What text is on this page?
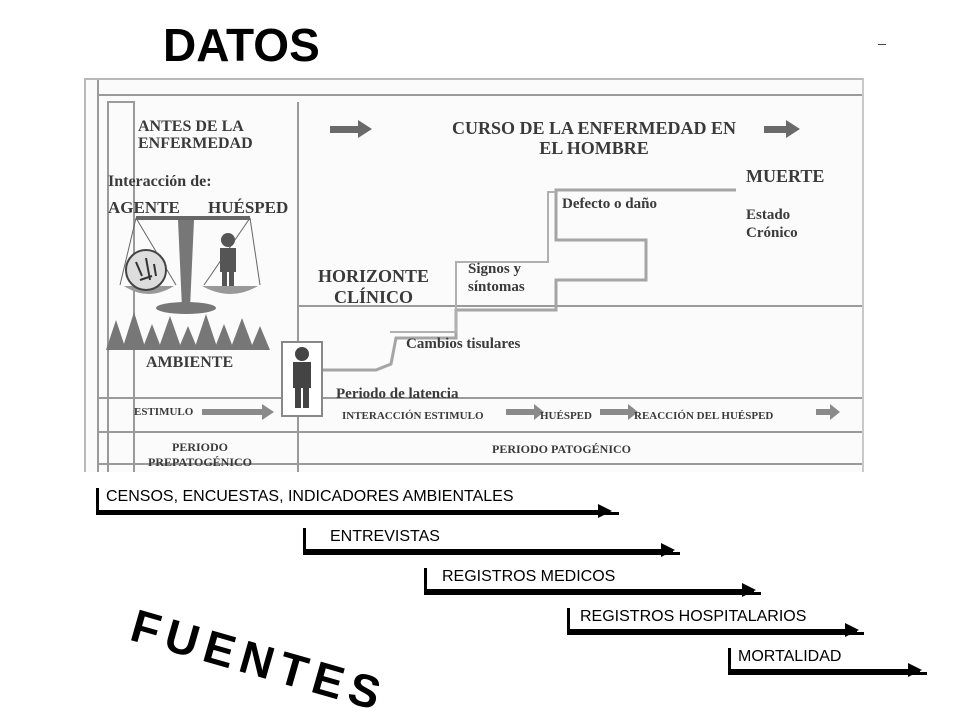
DATOS
ANTES DE LA
ENFERMEDAD
CURSO DE LA ENFERMEDAD EN
EL HOMBRE
Interacción de:
AGENTE HUÉSPED
MUERTE
Estado
Crónico
Defecto o daño
Signos y
síntomas
HORIZONTE
CLÍNICO
Cambios tisulares
AMBIENTE
Periodo de latencia
ESTIMULO	INTERACCIÓN ESTIMULO	HUÉSPED	REACCIÓN DEL HUÉSPED
PERIODO
PREPATOGÉNICO
PERIODO PATOGÉNICO
CENSOS, ENCUESTAS, INDICADORES AMBIENTALES
ENTREVISTAS
REGISTROS MEDICOS
REGISTROS HOSPITALARIOS
MORTALIDAD
FUENTES
